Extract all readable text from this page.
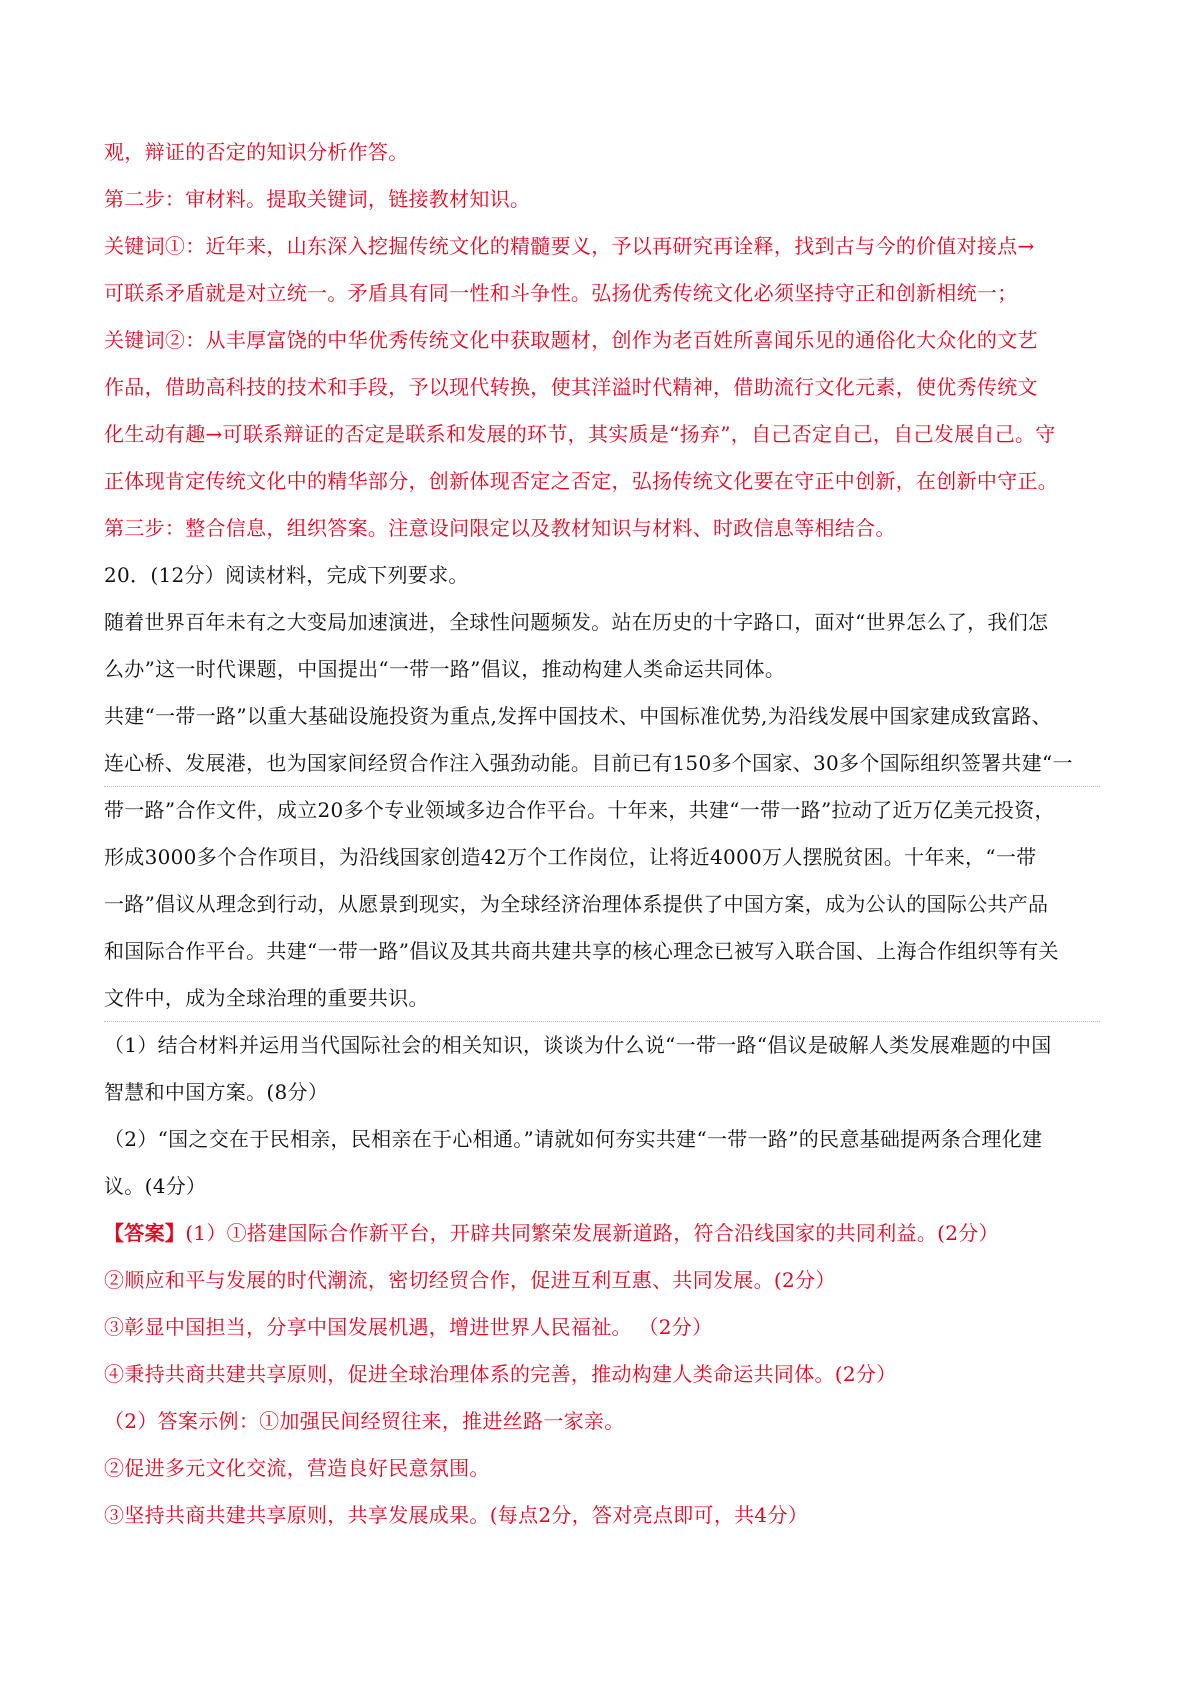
观，辩证的否定的知识分析作答。

第二步：审材料。提取关键词，链接教材知识。

关键词①：近年来，山东深入挖掘传统文化的精髓要义，予以再研究再诠释，找到古与今的价值对接点→

可联系矛盾就是对立统一。矛盾具有同一性和斗争性。弘扬优秀传统文化必须坚持守正和创新相统一；

关键词②：从丰厚富饶的中华优秀传统文化中获取题材，创作为老百姓所喜闻乐见的通俗化大众化的文艺

作品，借助高科技的技术和手段，予以现代转换，使其洋溢时代精神，借助流行文化元素，使优秀传统文

化生动有趣→可联系辩证的否定是联系和发展的环节，其实质是“扬弃”，自己否定自己，自己发展自己。守

正体现肯定传统文化中的精华部分，创新体现否定之否定，弘扬传统文化要在守正中创新，在创新中守正。

第三步：整合信息，组织答案。注意设问限定以及教材知识与材料、时政信息等相结合。

20．(12分）阅读材料，完成下列要求。

随着世界百年未有之大变局加速演进，全球性问题频发。站在历史的十字路口，面对“世界怎么了，我们怎

么办”这一时代课题，中国提出“一带一路”倡议，推动构建人类命运共同体。

共建“一带一路”以重大基础设施投资为重点,发挥中国技术、中国标准优势,为沿线发展中国家建成致富路、

连心桥、发展港，也为国家间经贸合作注入强劲动能。目前已有150多个国家、30多个国际组织签署共建“一

带一路”合作文件，成立20多个专业领域多边合作平台。十年来，共建“一带一路”拉动了近万亿美元投资，

形成3000多个合作项目，为沿线国家创造42万个工作岗位，让将近4000万人摆脱贫困。十年来，“一带

一路”倡议从理念到行动，从愿景到现实，为全球经济治理体系提供了中国方案，成为公认的国际公共产品

和国际合作平台。共建“一带一路”倡议及其共商共建共享的核心理念已被写入联合国、上海合作组织等有关

文件中，成为全球治理的重要共识。

（1）结合材料并运用当代国际社会的相关知识，谈谈为什么说“一带一路“倡议是破解人类发展难题的中国

智慧和中国方案。(8分）

（2）“国之交在于民相亲，民相亲在于心相通。”请就如何夯实共建“一带一路”的民意基础提两条合理化建

议。(4分）

【答案】(1）①搭建国际合作新平台，开辟共同繁荣发展新道路，符合沿线国家的共同利益。(2分）

②顺应和平与发展的时代潮流，密切经贸合作，促进互利互惠、共同发展。(2分）

③彰显中国担当，分享中国发展机遇，增进世界人民福祉。 （2分）

④秉持共商共建共享原则，促进全球治理体系的完善，推动构建人类命运共同体。(2分）

（2）答案示例：①加强民间经贸往来，推进丝路一家亲。

②促进多元文化交流，营造良好民意氛围。

③坚持共商共建共享原则，共享发展成果。(每点2分，答对亮点即可，共4分）
